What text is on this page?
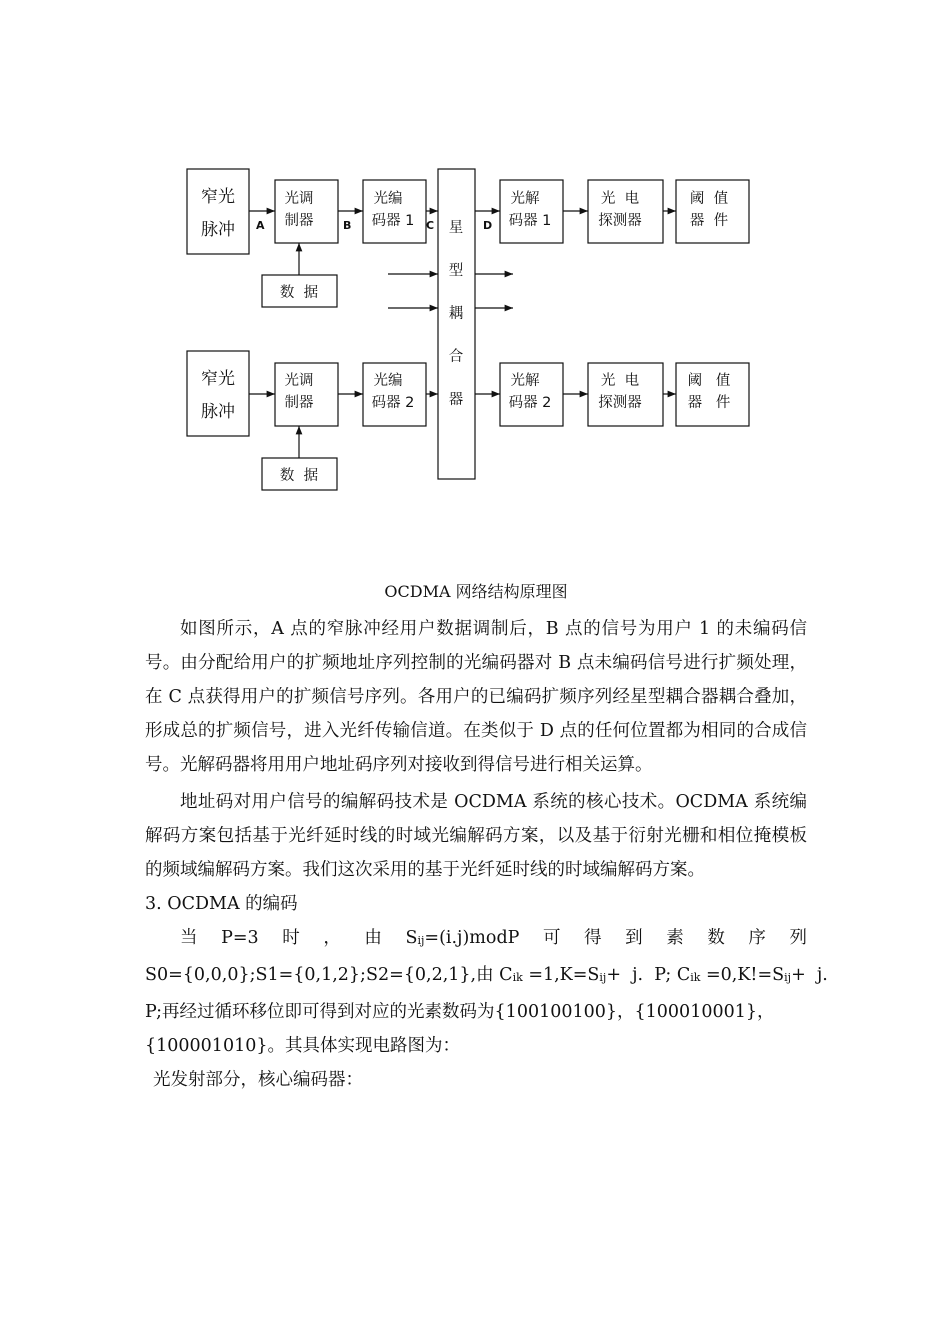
窄光
脉冲
光调
制器
光编
码器 1
光解
码器 1
光  电
探测器
阈  值
器  件
数  据
窄光
脉冲
光调
制器
光编
码器 2
光解
码器 2
光  电
探测器
阈   值
器   件
数  据
星
型
耦
合
器
A	B	C	D
OCDMA 网络结构原理图

如图所示，A 点的窄脉冲经用户数据调制后，B 点的信号为用户 1 的未编码信号。由分配给用户的扩频地址序列控制的光编码器对 B 点未编码信号进行扩频处理，在 C 点获得用户的扩频信号序列。各用户的已编码扩频序列经星型耦合器耦合叠加，形成总的扩频信号，进入光纤传输信道。在类似于 D 点的任何位置都为相同的合成信号。光解码器将用用户地址码序列对接收到得信号进行相关运算。

地址码对用户信号的编解码技术是 OCDMA 系统的核心技术。OCDMA 系统编解码方案包括基于光纤延时线的时域光编解码方案，以及基于衍射光栅和相位掩模板的频域编解码方案。我们这次采用的基于光纤延时线的时域编解码方案。

3. OCDMA 的编码

当 P=3 时 ， 由 Sij=(i.j)modP 可 得 到 素 数 序 列

S0={0,0,0};S1={0,1,2};S2={0,2,1},由 Cik =1,K=Sij+  j.  P; Cik =0,K!=Sij+  j.

P;再经过循环移位即可得到对应的光素数码为{100100100}，{100010001}，

{100001010}。其具体实现电路图为：

光发射部分，核心编码器：
